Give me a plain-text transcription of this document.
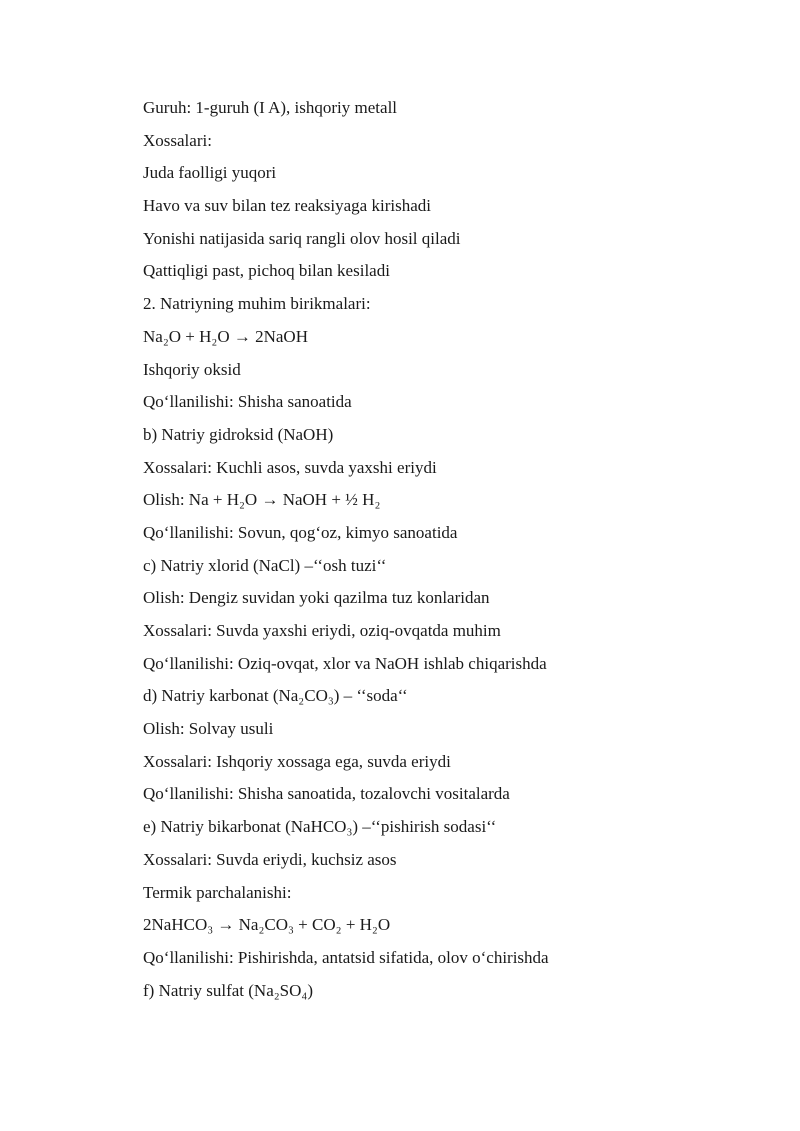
Guruh: 1-guruh (I A), ishqoriy metall
Xossalari:
Juda faolligi yuqori
Havo va suv bilan tez reaksiyaga kirishadi
Yonishi natijasida sariq rangli olov hosil qiladi
Qattiqligi past, pichoq bilan kesiladi
2. Natriyning muhim birikmalari:
Na₂O + H₂O → 2NaOH
Ishqoriy oksid
Qo‘llanilishi: Shisha sanoatida
b) Natriy gidroksid (NaOH)
Xossalari: Kuchli asos, suvda yaxshi eriydi
Olish: Na + H₂O → NaOH + ½ H₂
Qo‘llanilishi: Sovun, qog‘oz, kimyo sanoatida
c) Natriy xlorid (NaCl) –‘‘osh tuzi‘‘
Olish: Dengiz suvidan yoki qazilma tuz konlaridan
Xossalari: Suvda yaxshi eriydi, oziq-ovqatda muhim
Qo‘llanilishi: Oziq-ovqat, xlor va NaOH ishlab chiqarishda
d) Natriy karbonat (Na₂CO₃) – ‘‘soda‘‘
Olish: Solvay usuli
Xossalari: Ishqoriy xossaga ega, suvda eriydi
Qo‘llanilishi: Shisha sanoatida, tozalovchi vositalarda
e) Natriy bikarbonat (NaHCO₃) –‘‘pishirish sodasi‘‘
Xossalari: Suvda eriydi, kuchsiz asos
Termik parchalanishi:
2NaHCO₃ → Na₂CO₃ + CO₂ + H₂O
Qo‘llanilishi: Pishirishda, antatsid sifatida, olov o‘chirishda
f) Natriy sulfat (Na₂SO₄)
